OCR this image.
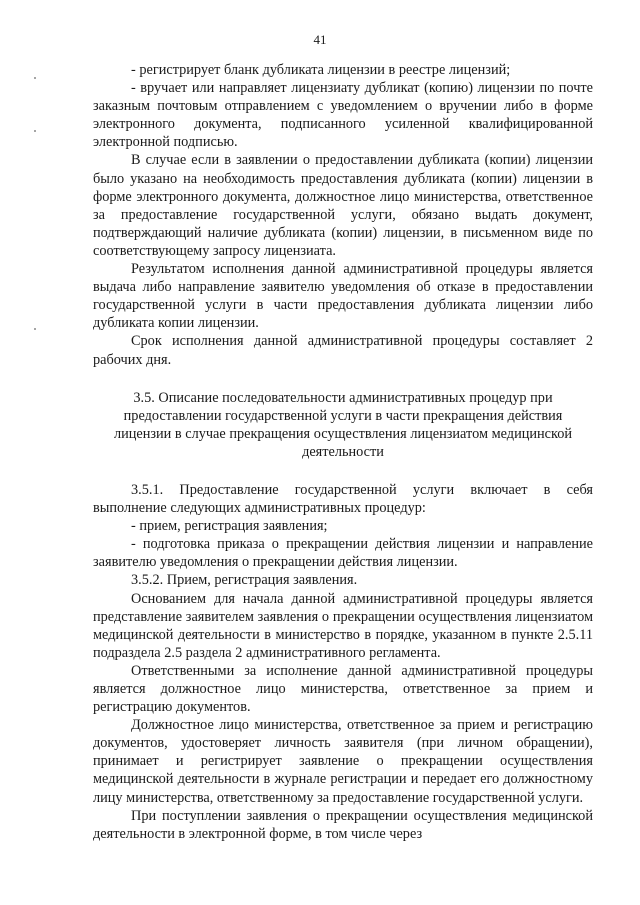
41

- регистрирует бланк дубликата лицензии в реестре лицензий;

- вручает или направляет лицензиату дубликат (копию) лицензии по почте заказным почтовым отправлением с уведомлением о вручении либо в форме электронного документа, подписанного усиленной квалифицированной электронной подписью.

В случае если в заявлении о предоставлении дубликата (копии) лицензии было указано на необходимость предоставления дубликата (копии) лицензии в форме электронного документа, должностное лицо министерства, ответственное за предоставление государственной услуги, обязано выдать документ, подтверждающий наличие дубликата (копии) лицензии, в письменном виде по соответствующему запросу лицензиата.

Результатом исполнения данной административной процедуры является выдача либо направление заявителю уведомления об отказе в предоставлении государственной услуги в части предоставления дубликата лицензии либо дубликата копии лицензии.

Срок исполнения данной административной процедуры составляет 2 рабочих дня.

3.5. Описание последовательности административных процедур при предоставлении государственной услуги в части прекращения действия лицензии в случае прекращения осуществления лицензиатом медицинской деятельности

3.5.1. Предоставление государственной услуги включает в себя выполнение следующих административных процедур:

- прием, регистрация заявления;

- подготовка приказа о прекращении действия лицензии и направление заявителю уведомления о прекращении действия лицензии.

3.5.2. Прием, регистрация заявления.

Основанием для начала данной административной процедуры является представление заявителем заявления о прекращении осуществления лицензиатом медицинской деятельности в министерство в порядке, указанном в пункте 2.5.11 подраздела 2.5 раздела 2 административного регламента.

Ответственными за исполнение данной административной процедуры является должностное лицо министерства, ответственное за прием и регистрацию документов.

Должностное лицо министерства, ответственное за прием и регистрацию документов, удостоверяет личность заявителя (при личном обращении), принимает и регистрирует заявление о прекращении осуществления медицинской деятельности в журнале регистрации и передает его должностному лицу министерства, ответственному за предоставление государственной услуги.

При поступлении заявления о прекращении осуществления медицинской деятельности в электронной форме, в том числе через
